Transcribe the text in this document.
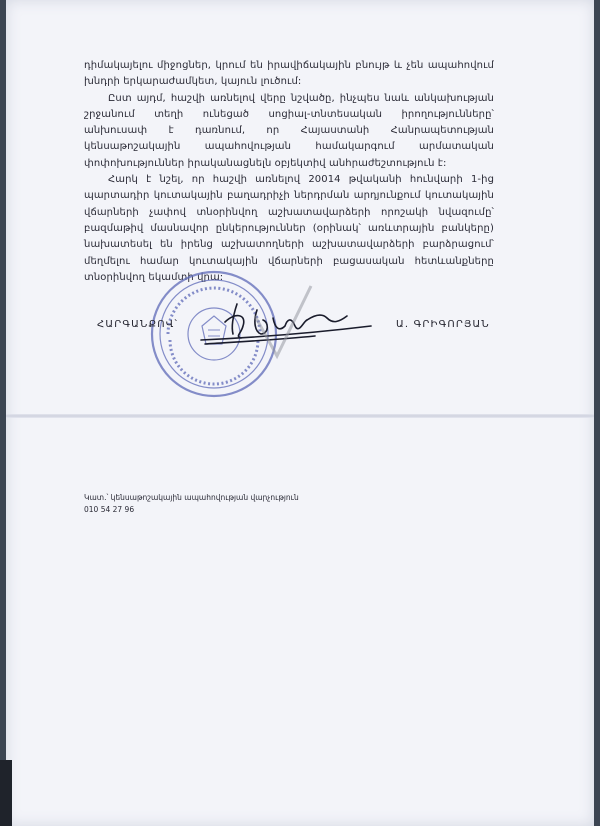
դիմակայելու միջոցներ, կրում են իրավիճակային բնույթ և չեն ապահովում խնդրի երկարաժամկետ, կայուն լուծում:

Ըստ այդմ, հաշվի առնելով վերը նշվածը, ինչպես նաև անկախության շրջանում տեղի ունեցած սոցիալ-տնտեսական իրողությունները՝ անխուսափ է դառնում, որ Հայաստանի Հանրապետության կենսաթոշակային ապահովության համակարգում արմատական փոփոխություններ իրականացնելն օբյեկտիվ անհրաժեշտություն է:

Հարկ է նշել, որ հաշվի առնելով 20014 թվականի հունվարի 1-ից պարտադիր կուտակային բաղադրիչի ներդրման արդյունքում կուտակային վճարների չափով տնօրինվող աշխատավարձերի որոշակի նվազումը՝ բազմաթիվ մասնավոր ընկերություններ (օրինակ՝ առևտրային բանկերը) նախատեսել են իրենց աշխատողների աշխատավարձերի բարձրացում՝ մեղմելու համար կուտակային վճարների բացասական հետևանքները տնօրինվող եկամտի վրա:

ՀԱՐԳԱՆՔՈՎ՝	Ա. ԳՐԻԳՈՐՅԱՆ
Կատ.՝ կենսաթոշակային ապահովության վարչություն
010 54 27 96
